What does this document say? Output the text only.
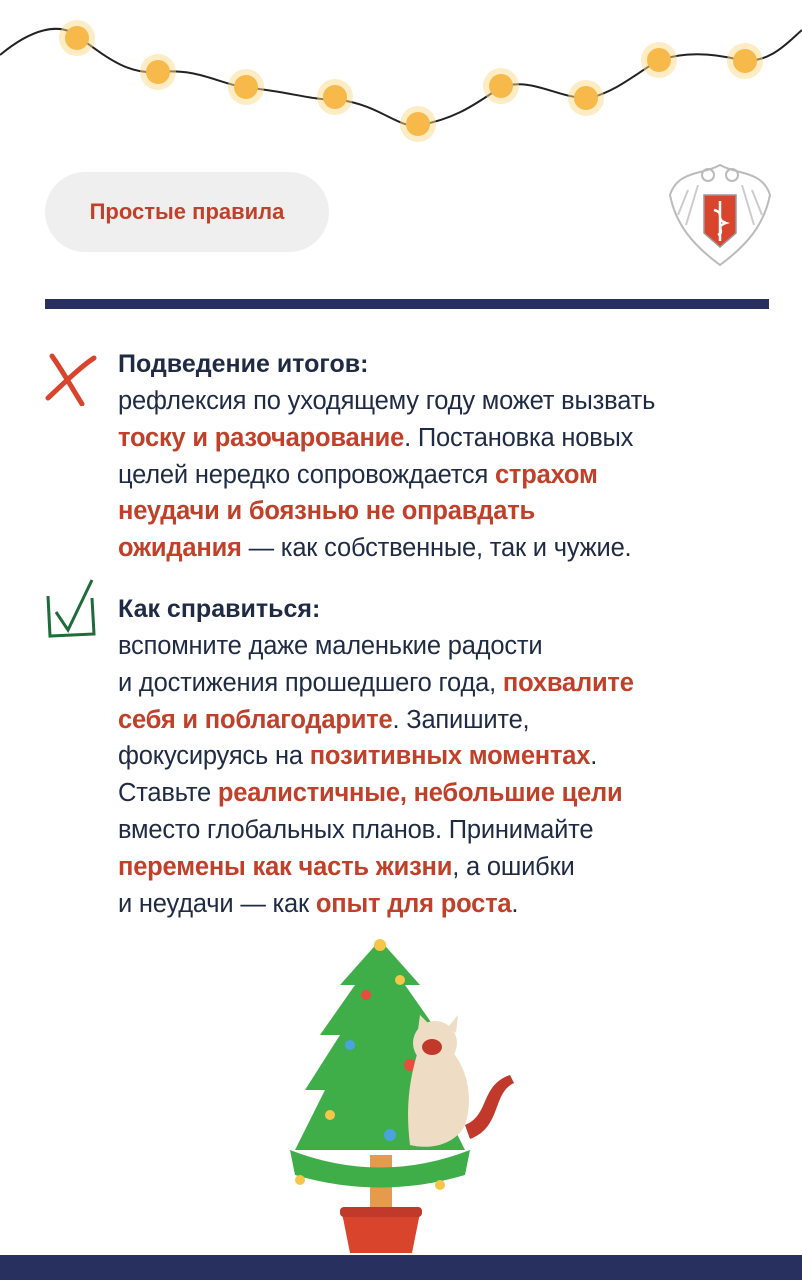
Простые правила
Подведение итогов:
рефлексия по уходящему году может вызвать
тоску и разочарование. Постановка новых
целей нередко сопровождается страхом
неудачи и боязнью не оправдать
ожидания — как собственные, так и чужие.
Как справиться:
вспомните даже маленькие радости
и достижения прошедшего года, похвалите
себя и поблагодарите. Запишите,
фокусируясь на позитивных моментах.
Ставьте реалистичные, небольшие цели
вместо глобальных планов. Принимайте
перемены как часть жизни, а ошибки
и неудачи — как опыт для роста.
